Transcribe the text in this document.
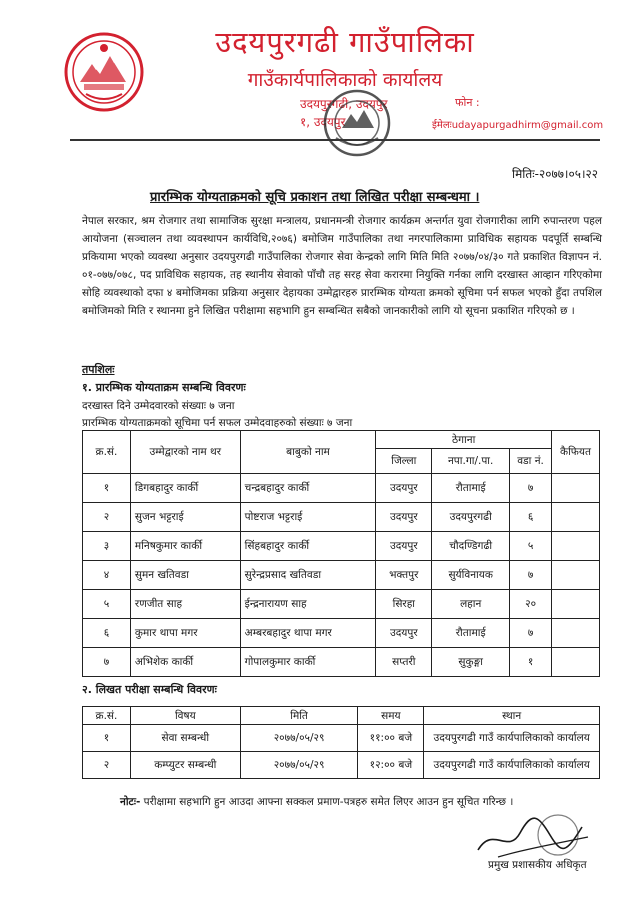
उदयपुरगढी गाउँपालिका
गाउँकार्यपालिकाको कार्यालय
उदयपुरगढी, उदयपुर
१, उदयपुर
फोन :
ईमेलःudayapurgadhirm@gmail.com
मितिः-२०७७।०५।२२
प्रारम्भिक योग्यताक्रमको सूचि प्रकाशन तथा लिखित परीक्षा सम्बन्धमा ।
नेपाल सरकार, श्रम रोजगार तथा सामाजिक सुरक्षा मन्त्रालय, प्रधानमन्त्री रोजगार कार्यक्रम अन्तर्गत युवा रोजगारीका लागि रुपान्तरण पहल आयोजना (सञ्चालन तथा व्यवस्थापन कार्यविधि,२०७६) बमोजिम गाउँपालिका तथा नगरपालिकामा प्राविधिक सहायक पदपूर्ति सम्बन्धि प्रकियामा भएको व्यवस्था अनुसार उदयपुरगढी गाउँपालिका रोजगार सेवा केन्द्रको लागि मिति मिति २०७७/०४/३० गते प्रकाशित विज्ञापन नं. ०१-०७७/०७८, पद प्राविधिक सहायक, तह स्थानीय सेवाको पाँचौ तह सरह सेवा करारमा नियुक्ति गर्नका लागि दरखास्त आव्हान गरिएकोमा सोहि व्यवस्थाको दफा ४ बमोजिमका प्रक्रिया अनुसार देहायका उम्मेद्वारहरु प्रारम्भिक योग्यता क्रमको सूचिमा पर्न सफल भएको हुँदा तपशिल बमोजिमको मिति र स्थानमा हुने लिखित परीक्षामा सहभागि हुन सम्बन्धित सबैको जानकारीको लागि यो सूचना प्रकाशित गरिएको छ ।
तपशिलः
१. प्रारम्भिक योग्यताक्रम सम्बन्धि विवरणः
दरखास्त दिने उम्मेदवारको संख्याः ७ जना
प्रारम्भिक योग्यताक्रमको सूचिमा पर्न सफल उम्मेदवाहरुको संख्याः ७ जना
क्र.सं.	उम्मेद्वारको नाम थर	बाबुको नाम	ठेगाना			कैफियत
			जिल्ला	नपा.गा/.पा.	वडा नं.	
१	डिगबहादुर कार्की	चन्द्रबहादुर कार्की	उदयपुर	रौतामाई	७	
२	सुजन भट्टराई	पोष्टराज भट्टराई	उदयपुर	उदयपुरगढी	६	
३	मनिषकुमार कार्की	सिंहबहादुर कार्की	उदयपुर	चौदण्डिगढी	५	
४	सुमन खतिवडा	सुरेन्द्रप्रसाद खतिवडा	भक्तपुर	सुर्यविनायक	७	
५	रणजीत साह	ईन्द्रनारायण साह	सिरहा	लहान	२०	
६	कुमार थापा मगर	अम्बरबहादुर थापा मगर	उदयपुर	रौतामाई	७	
७	अभिशेक कार्की	गोपालकुमार कार्की	सप्तरी	सुकुङ्गा	१	
२. लिखत परीक्षा सम्बन्धि विवरणः
क्र.सं.	विषय	मिति	समय	स्थान
१	सेवा सम्बन्धी	२०७७/०५/२९	११:०० बजे	उदयपुरगढी गाउँ कार्यपालिकाको कार्यालय
२	कम्प्युटर सम्बन्धी	२०७७/०५/२९	१२:०० बजे	उदयपुरगढी गाउँ कार्यपालिकाको कार्यालय
नोटः- परीक्षामा सहभागि हुन आउदा आफ्ना सक्कल प्रमाण-पत्रहरु समेत लिएर आउन हुन सूचित गरिन्छ ।
प्रमुख प्रशासकीय अधिकृत
